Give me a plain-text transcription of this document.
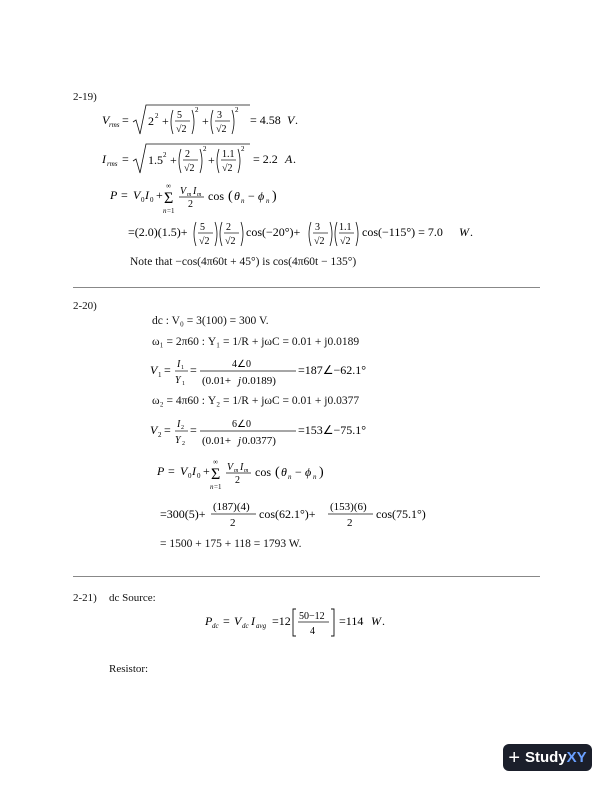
2-19)
V rms = 2 2 + 5
√2
2
+ 3
√2
2
= 4.58 V .
I rms = 1.5 2 + 2
√2
2
+ 1.1
√2
2
= 2.2 A .
P = V 0 I 0 +
∞
Σ
n =1
V m I m
2
cos ( θ n − ϕ n )
=(2.0)(1.5)+ 5
√2
2
√2
cos(−20°)+ 3
√2
1.1
√2
cos(−115°) = 7.0 W .
Note that −cos(4π60t + 45°) is cos(4π60t − 135°)
2-20)
dc : V₀ = 3(100) = 300 V.
ω₁ = 2π60 : Y₁ = 1/R + jωC = 0.01 + j0.0189
V 1 = I 1
Y 1
=	4∠0
(0.01+ j 0.0189)
=187∠−62.1°
ω₂ = 4π60 : Y₂ = 1/R + jωC = 0.01 + j0.0377
V 2 = I 2
Y 2
=	6∠0
(0.01+ j 0.0377)
=153∠−75.1°
P = V 0 I 0 +
∞
Σ
n =1
V m I m
2
cos ( θ n − ϕ n )
=300(5)+ (187)(4)
2
cos(62.1°)+ (153)(6)
2
cos(75.1°)
= 1500 + 175 + 118 = 1793 W.
2-21) dc Source:
P dc = V dc I avg =12 50−12
4
=114 W .
Resistor:
+ Study XY
